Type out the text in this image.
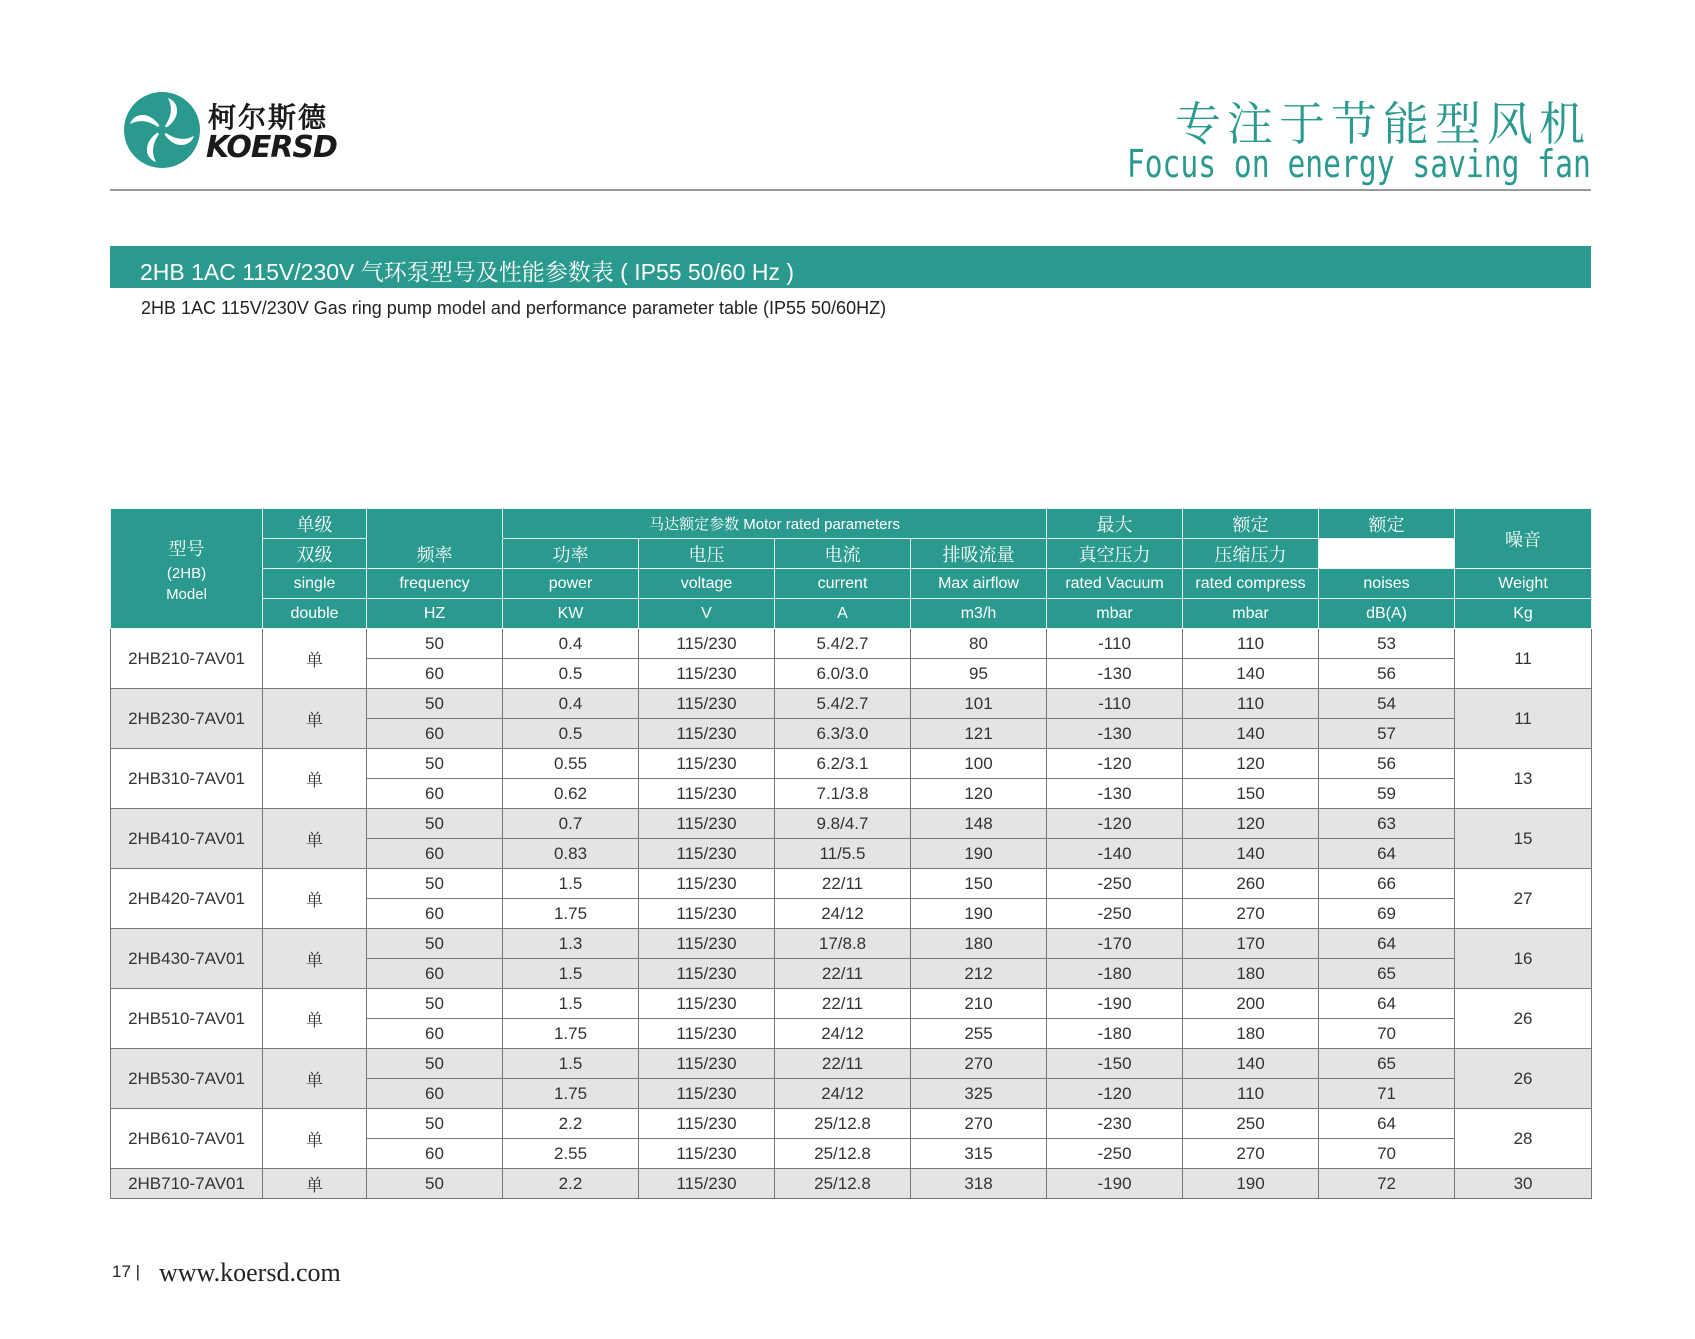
柯尔斯德
KOERSD	专注于节能型风机
Focus on energy saving fan
2HB 1AC 115V/230V 气环泵型号及性能参数表 ( IP55 50/60 Hz )
2HB 1AC 115V/230V Gas ring pump model and performance parameter table (IP55 50/60HZ)
型号
(2HB)
Model	单级		马达额定参数 Motor rated parameters				最大	额定	额定	噪音	
	双级	频率	功率	电压	电流	排吸流量	真空压力	压缩压力			
	single	frequency	power	voltage	current	Max airflow	rated Vacuum	rated compress	noises	Weight	
	double	HZ	KW	V	A	m3/h	mbar	mbar	dB(A)	Kg	
2HB210-7AV01	单	50	0.4	115/230	5.4/2.7	80	-110	110	53	11	
		60	0.5	115/230	6.0/3.0	95	-130	140	56		
2HB230-7AV01	单	50	0.4	115/230	5.4/2.7	101	-110	110	54	11	
		60	0.5	115/230	6.3/3.0	121	-130	140	57		
2HB310-7AV01	单	50	0.55	115/230	6.2/3.1	100	-120	120	56	13	
		60	0.62	115/230	7.1/3.8	120	-130	150	59		
2HB410-7AV01	单	50	0.7	115/230	9.8/4.7	148	-120	120	63	15	
		60	0.83	115/230	11/5.5	190	-140	140	64		
2HB420-7AV01	单	50	1.5	115/230	22/11	150	-250	260	66	27	
		60	1.75	115/230	24/12	190	-250	270	69		
2HB430-7AV01	单	50	1.3	115/230	17/8.8	180	-170	170	64	16	
		60	1.5	115/230	22/11	212	-180	180	65		
2HB510-7AV01	单	50	1.5	115/230	22/11	210	-190	200	64	26	
		60	1.75	115/230	24/12	255	-180	180	70		
2HB530-7AV01	单	50	1.5	115/230	22/11	270	-150	140	65	26	
		60	1.75	115/230	24/12	325	-120	110	71		
2HB610-7AV01	单	50	2.2	115/230	25/12.8	270	-230	250	64	28	
		60	2.55	115/230	25/12.8	315	-250	270	70		
2HB710-7AV01	单	50	2.2	115/230	25/12.8	318	-190	190	72	30	
17 | www.koersd.com
